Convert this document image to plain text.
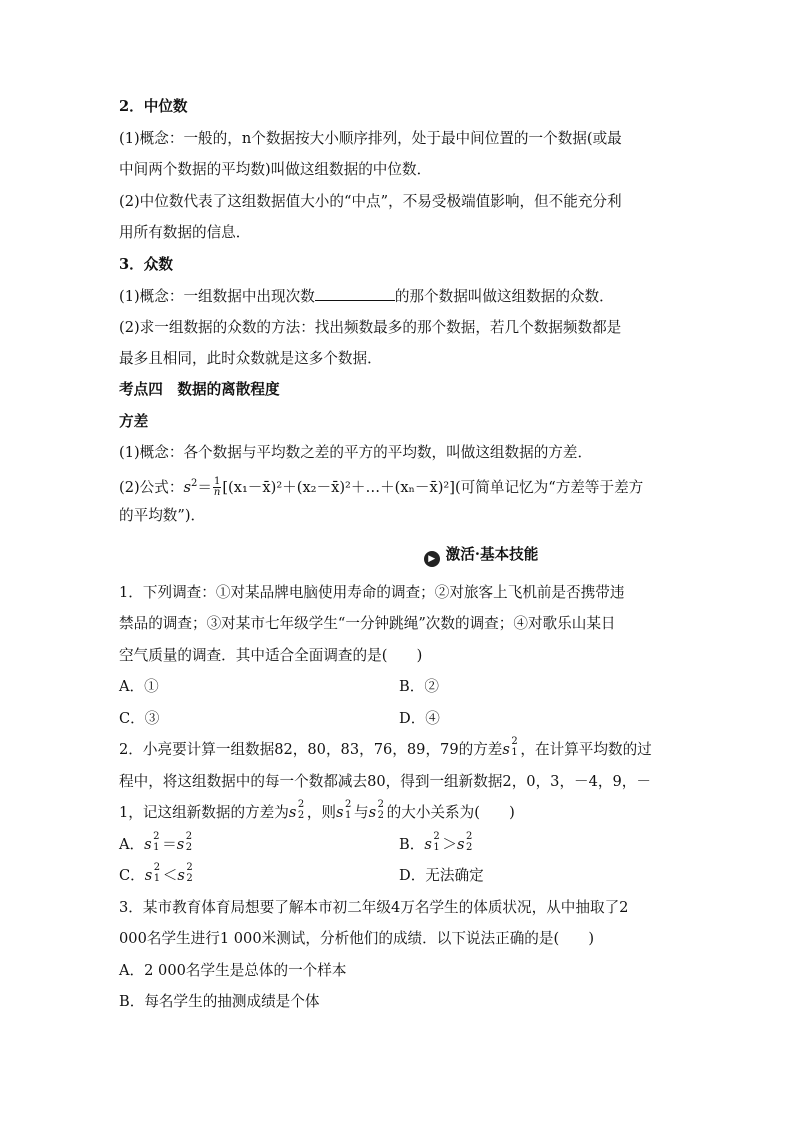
2．中位数
(1)概念：一般的，n个数据按大小顺序排列，处于最中间位置的一个数据(或最
中间两个数据的平均数)叫做这组数据的中位数．
(2)中位数代表了这组数据值大小的“中点”，不易受极端值影响，但不能充分利
用所有数据的信息．
3．众数
(1)概念：一组数据中出现次数	的那个数据叫做这组数据的众数．
(2)求一组数据的众数的方法：找出频数最多的那个数据，若几个数据频数都是
最多且相同，此时众数就是这多个数据．
考点四　数据的离散程度
方差
(1)概念：各个数据与平均数之差的平方的平均数，叫做这组数据的方差．
(2)公式：$s^2= \frac{1}{n}$ [(x₁－x̄)²＋(x₂－x̄)²＋…＋(xₙ－x̄)²](可简单记忆为“方差等于差方
的平均数”)．
▶ 激活·基本技能
1．下列调查：①对某品牌电脑使用寿命的调查；②对旅客上飞机前是否携带违
禁品的调查；③对某市七年级学生“一分钟跳绳”次数的调查；④对歌乐山某日
空气质量的调查．其中适合全面调查的是(　　)
A．①	B．②
C．③	D．④
2．小亮要计算一组数据82，80，83，76，89，79的方差s 2
1 ，在计算平均数的过
程中，将这组数据中的每一个数都减去80，得到一组新数据2，0，3，－4，9，－
1，记这组新数据的方差为s 2
2 ，则s 2
1 与s 2
2 的大小关系为(　　)
A．s 2
1 ＝s 2
2	B．s 2
1 ＞s 2
2
C．s 2
1 ＜s 2
2	D．无法确定
3．某市教育体育局想要了解本市初二年级4万名学生的体质状况，从中抽取了2
000名学生进行1 000米测试，分析他们的成绩．以下说法正确的是(　　)
A．2 000名学生是总体的一个样本
B．每名学生的抽测成绩是个体
